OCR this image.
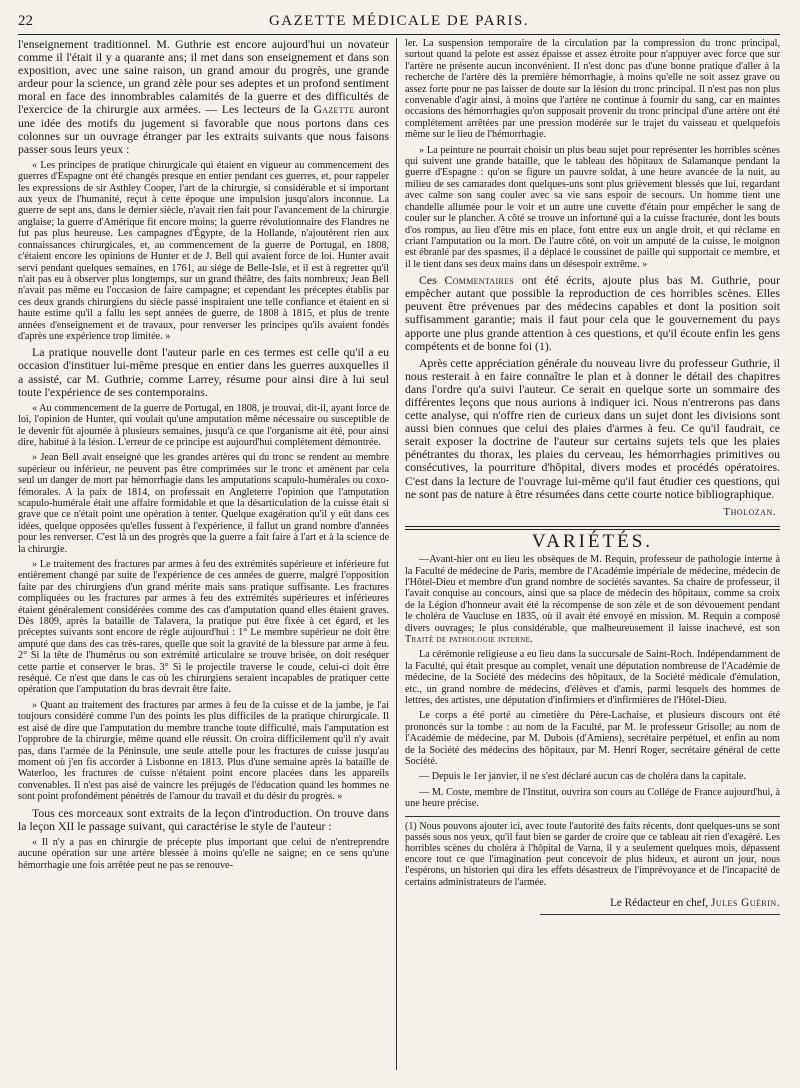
22	GAZETTE MÉDICALE DE PARIS.

l'enseignement traditionnel. M. Guthrie est encore aujourd'hui un novateur comme il l'était il y a quarante ans; il met dans son enseignement et dans son exposition, avec une saine raison, un grand amour du progrès, une grande ardeur pour la science, un grand zèle pour ses adeptes et un profond sentiment moral en face des innombrables calamités de la guerre et des difficultés de l'exercice de la chirurgie aux armées. — Les lecteurs de la Gazette auront une idée des motifs du jugement si favorable que nous portons dans ces colonnes sur un ouvrage étranger par les extraits suivants que nous faisons passer sous leurs yeux :

« Les principes de pratique chirurgicale qui étaient en vigueur au commencement des guerres d'Espagne ont été changés presque en entier pendant ces guerres, et, pour rappeler les expressions de sir Asthley Cooper, l'art de la chirurgie, si considérable et si important aux yeux de l'humanité, reçut à cette époque une impulsion jusqu'alors inconnue. La guerre de sept ans, dans le dernier siècle, n'avait rien fait pour l'avancement de la chirurgie anglaise; la guerre d'Amérique fit encore moins; la guerre révolutionnaire des Flandres ne fut pas plus heureuse. Les campagnes d'Égypte, de la Hollande, n'ajoutèrent rien aux connaissances chirurgicales, et, au commencement de la guerre de Portugal, en 1808, c'étaient encore les opinions de Hunter et de J. Bell qui avaient force de loi. Hunter avait servi pendant quelques semaines, en 1761, au siége de Belle-Isle, et il est à regretter qu'il n'ait pas eu à observer plus longtemps, sur un grand théâtre, des faits nombreux; Jean Bell n'avait pas même eu l'occasion de faire campagne; et cependant les préceptes établis par ces deux grands chirurgiens du siècle passé inspiraient une telle confiance et étaient en si haute estime qu'il a fallu les sept années de guerre, de 1808 à 1815, et plus de trente années d'enseignement et de travaux, pour renverser les principes qu'ils avaient fondés d'après une expérience trop limitée. »

La pratique nouvelle dont l'auteur parle en ces termes est celle qu'il a eu occasion d'instituer lui-même presque en entier dans les guerres auxquelles il a assisté, car M. Guthrie, comme Larrey, résume pour ainsi dire à lui seul toute l'expérience de ses contemporains.

« Au commencement de la guerre de Portugal, en 1808, je trouvai, dit-il, ayant force de loi, l'opinion de Hunter, qui voulait qu'une amputation même nécessaire ou susceptible de le devenir fût ajournée à plusieurs semaines, jusqu'à ce que l'organisme ait été, pour ainsi dire, habitué à la lésion. L'erreur de ce principe est aujourd'hui complétement démontrée.

» Jean Bell avait enseigné que les grandes artères qui du tronc se rendent au membre supérieur ou inférieur, ne peuvent pas être comprimées sur le tronc et amènent par cela seul un danger de mort par hémorrhagie dans les amputations scapulo-humérales ou coxo-fémorales. A la paix de 1814, on professait en Angleterre l'opinion que l'amputation scapulo-humérale était une affaire formidable et que la désarticulation de la cuisse était si grave que ce n'était point une opération à tenter. Quelque exagération qu'il y eût dans ces idées, quelque opposées qu'elles fussent à l'expérience, il fallut un grand nombre d'années pour les renverser. C'est là un des progrès que la guerre a fait faire à l'art et à la science de la chirurgie.

» Le traitement des fractures par armes à feu des extrémités supérieure et inférieure fut entièrement changé par suite de l'expérience de ces années de guerre, malgré l'opposition faite par des chirurgiens d'un grand mérite mais sans pratique suffisante. Les fractures compliquées ou les fractures par armes à feu des extrémités supérieures et inférieures étaient généralement considérées comme des cas d'amputation quand elles étaient graves. Dès 1809, après la bataille de Talavera, la pratique put être fixée à cet égard, et les préceptes suivants sont encore de règle aujourd'hui : 1° Le membre supérieur ne doit être amputé que dans des cas très-rares, quelle que soit la gravité de la blessure par arme à feu. 2° Si la tête de l'humérus ou son extrémité articulaire se trouve brisée, on doit reséquer cette partie et conserver le bras. 3° Si le projectile traverse le coude, celui-ci doit être reséqué. Ce n'est que dans le cas où les chirurgiens seraient incapables de pratiquer cette opération que l'amputation du bras devrait être faite.

» Quant au traitement des fractures par armes à feu de la cuisse et de la jambe, je l'ai toujours considéré comme l'un des points les plus difficiles de la pratique chirurgicale. Il est aisé de dire que l'amputation du membre tranche toute difficulté, mais l'amputation est l'opprobre de la chirurgie, même quand elle réussit. On croira difficilement qu'il n'y avait pas, dans l'armée de la Péninsule, une seule attelle pour les fractures de cuisse jusqu'au moment où j'en fis accorder à Lisbonne en 1813. Plus d'une semaine après la bataille de Waterloo, les fractures de cuisse n'étaient point encore placées dans les appareils convenables. Il n'est pas aisé de vaincre les préjugés de l'éducation quand les hommes ne sont point profondément pénétrés de l'amour du travail et du désir du progrès. »

Tous ces morceaux sont extraits de la leçon d'introduction. On trouve dans la leçon XII le passage suivant, qui caractérise le style de l'auteur :

« Il n'y a pas en chirurgie de précepte plus important que celui de n'entreprendre aucune opération sur une artère blessée à moins qu'elle ne saigne; en ce sens qu'une hémorrhagie une fois arrêtée peut ne pas se renouve-

ler. La suspension temporaire de la circulation par la compression du tronc principal, surtout quand la pelote est assez épaisse et assez étroite pour n'appuyer avec force que sur l'artère ne présente aucun inconvénient. Il n'est donc pas d'une bonne pratique d'aller à la recherche de l'artère dès la première hémorrhagie, à moins qu'elle ne soit assez grave ou assez forte pour ne pas laisser de doute sur la lésion du tronc principal. Il n'est pas non plus convenable d'agir ainsi, à moins que l'artère ne continue à fournir du sang, car en maintes occasions des hémorrhagies qu'on supposait provenir du tronc principal d'une artère ont été complétement arrêtées par une pression modérée sur le trajet du vaisseau et quelquefois même sur le lieu de l'hémorrhagie.

» La peinture ne pourrait choisir un plus beau sujet pour représenter les horribles scènes qui suivent une grande bataille, que le tableau des hôpitaux de Salamanque pendant la guerre d'Espagne : qu'on se figure un pauvre soldat, à une heure avancée de la nuit, au milieu de ses camarades dont quelques-uns sont plus grièvement blessés que lui, regardant avec calme son sang couler avec sa vie sans espoir de secours. Un homme tient une chandelle allumée pour le voir et un autre une cuvette d'étain pour empêcher le sang de couler sur le plancher. A côté se trouve un infortuné qui a la cuisse fracturée, dont les bouts d'os rompus, au lieu d'être mis en place, font entre eux un angle droit, et qui réclame en criant l'amputation ou la mort. De l'autre côté, on voit un amputé de la cuisse, le moignon est ébranlé par des spasmes, il a déplacé le coussinet de paille qui supportait ce membre, et il le tient dans ses deux mains dans un désespoir extrême. »

Ces Commentaires ont été écrits, ajoute plus bas M. Guthrie, pour empêcher autant que possible la reproduction de ces horribles scènes. Elles peuvent être prévenues par des médecins capables et dont la position soit suffisamment garantie; mais il faut pour cela que le gouvernement du pays apporte une plus grande attention à ces questions, et qu'il écoute enfin les gens compétents et de bonne foi (1).

Après cette appréciation générale du nouveau livre du professeur Guthrie, il nous resterait à en faire connaître le plan et à donner le détail des chapitres dans l'ordre qu'a suivi l'auteur. Ce serait en quelque sorte un sommaire des différentes leçons que nous aurions à indiquer ici. Nous n'entrerons pas dans cette analyse, qui n'offre rien de curieux dans un sujet dont les divisions sont aussi bien connues que celui des plaies d'armes à feu. Ce qu'il faudrait, ce serait exposer la doctrine de l'auteur sur certains sujets tels que les plaies pénétrantes du thorax, les plaies du cerveau, les hémorrhagies primitives ou consécutives, la pourriture d'hôpital, divers modes et procédés opératoires. C'est dans la lecture de l'ouvrage lui-même qu'il faut étudier ces questions, qui ne sont pas de nature à être résumées dans cette courte notice bibliographique.

Tholozan.
VARIÉTÉS.

—Avant-hier ont eu lieu les obsèques de M. Requin, professeur de pathologie interne à la Faculté de médecine de Paris, membre de l'Académie impériale de médecine, médecin de l'Hôtel-Dieu et membre d'un grand nombre de sociétés savantes. Sa chaire de professeur, il l'avait conquise au concours, ainsi que sa place de médecin des hôpitaux, comme sa croix de la Légion d'honneur avait été la récompense de son zèle et de son dévouement pendant le choléra de Vaucluse en 1835, où il avait été envoyé en mission. M. Requin a composé divers ouvrages; le plus considérable, que malheureusement il laisse inachevé, est son Traité de pathologie interne.

La cérémonie religieuse a eu lieu dans la succursale de Saint-Roch. Indépendamment de la Faculté, qui était presque au complet, venait une députation nombreuse de l'Académie de médecine, de la Société des médecins des hôpitaux, de la Société médicale d'émulation, etc., un grand nombre de médecins, d'élèves et d'amis, parmi lesquels des hommes de lettres, des artistes, une députation d'infirmiers et d'infirmières de l'Hôtel-Dieu.

Le corps a été porté au cimetière du Père-Lachaise, et plusieurs discours ont été prononcés sur la tombe : au nom de la Faculté, par M. le professeur Grisolle; au nom de l'Académie de médecine, par M. Dubois (d'Amiens), secrétaire perpétuel, et enfin au nom de la Société des médecins des hôpitaux, par M. Henri Roger, secrétaire général de cette Société.

— Depuis le 1er janvier, il ne s'est déclaré aucun cas de choléra dans la capitale.

— M. Coste, membre de l'Institut, ouvrira son cours au Collége de France aujourd'hui, à une heure précise.

(1) Nous pouvons ajouter ici, avec toute l'autorité des faits récents, dont quelques-uns se sont passés sous nos yeux, qu'il faut bien se garder de croire que ce tableau ait rien d'exagéré. Les horribles scènes du choléra à l'hôpital de Varna, il y a seulement quelques mois, dépassent encore tout ce que l'imagination peut concevoir de plus hideux, et auront un jour, nous l'espérons, un historien qui dira les effets désastreux de l'imprévoyance et de l'incapacité de certains administrateurs de l'armée.
Le Rédacteur en chef, Jules Guérin.
